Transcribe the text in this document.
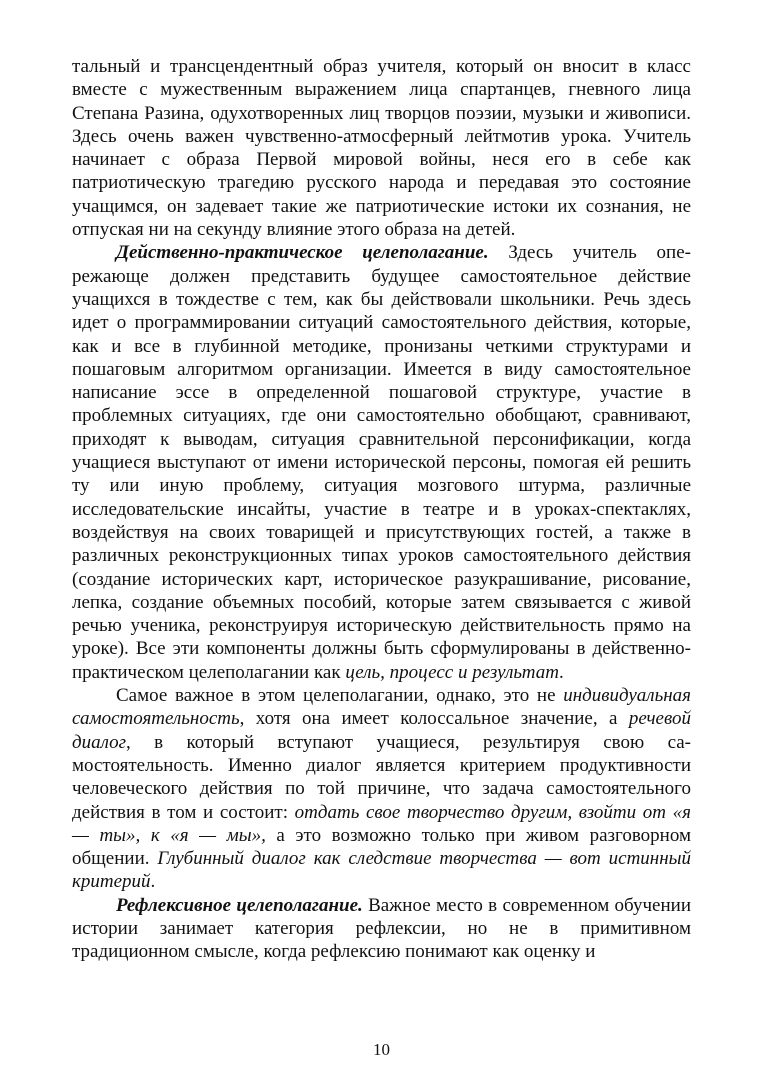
тальный и трансцендентный образ учителя, который он вносит в класс вместе с мужественным выражением лица спартанцев, гневного лица Степана Разина, одухотворенных лиц творцов поэзии, музыки и живописи. Здесь очень важен чувственно-атмосферный лейтмотив урока. Учитель начинает с образа Первой мировой войны, неся его в себе как патриотическую трагедию русского народа и передавая это состояние учащимся, он задевает такие же патриотические истоки их сознания, не отпуская ни на секунду влияние этого образа на детей.

Действенно-практическое целеполагание. Здесь учитель опережающе должен представить будущее самостоятельное действие учащихся в тождестве с тем, как бы действовали школьники. Речь здесь идет о программировании ситуаций самостоятельного действия, которые, как и все в глубинной методике, пронизаны четкими структурами и пошаговым алгоритмом организации. Имеется в виду самостоятельное написание эссе в определенной пошаговой структуре, участие в проблемных ситуациях, где они самостоятельно обобщают, сравнивают, приходят к выводам, ситуация сравнительной персонификации, когда учащиеся выступают от имени исторической персоны, помогая ей решить ту или иную проблему, ситуация мозгового штурма, различные исследовательские инсайты, участие в театре и в уроках-спектаклях, воздействуя на своих товарищей и присутствующих гостей, а также в различных реконструкционных типах уроков самостоятельного действия (создание исторических карт, историческое разукрашивание, рисование, лепка, создание объемных пособий, которые затем связывается с живой речью ученика, реконструируя историческую действительность прямо на уроке). Все эти компоненты должны быть сформулированы в действенно-практическом целеполагании как цель, процесс и результат.

Самое важное в этом целеполагании, однако, это не индивидуальная самостоятельность, хотя она имеет колоссальное значение, а речевой диалог, в который вступают учащиеся, результируя свою самостоятельность. Именно диалог является критерием продуктивности человеческого действия по той причине, что задача самостоятельного действия в том и состоит: отдать свое творчество другим, взойти от «я — ты», к «я — мы», а это возможно только при живом разговорном общении. Глубинный диалог как следствие творчества — вот истинный критерий.

Рефлексивное целеполагание. Важное место в современном обучении истории занимает категория рефлексии, но не в примитивном традиционном смысле, когда рефлексию понимают как оценку и

10
